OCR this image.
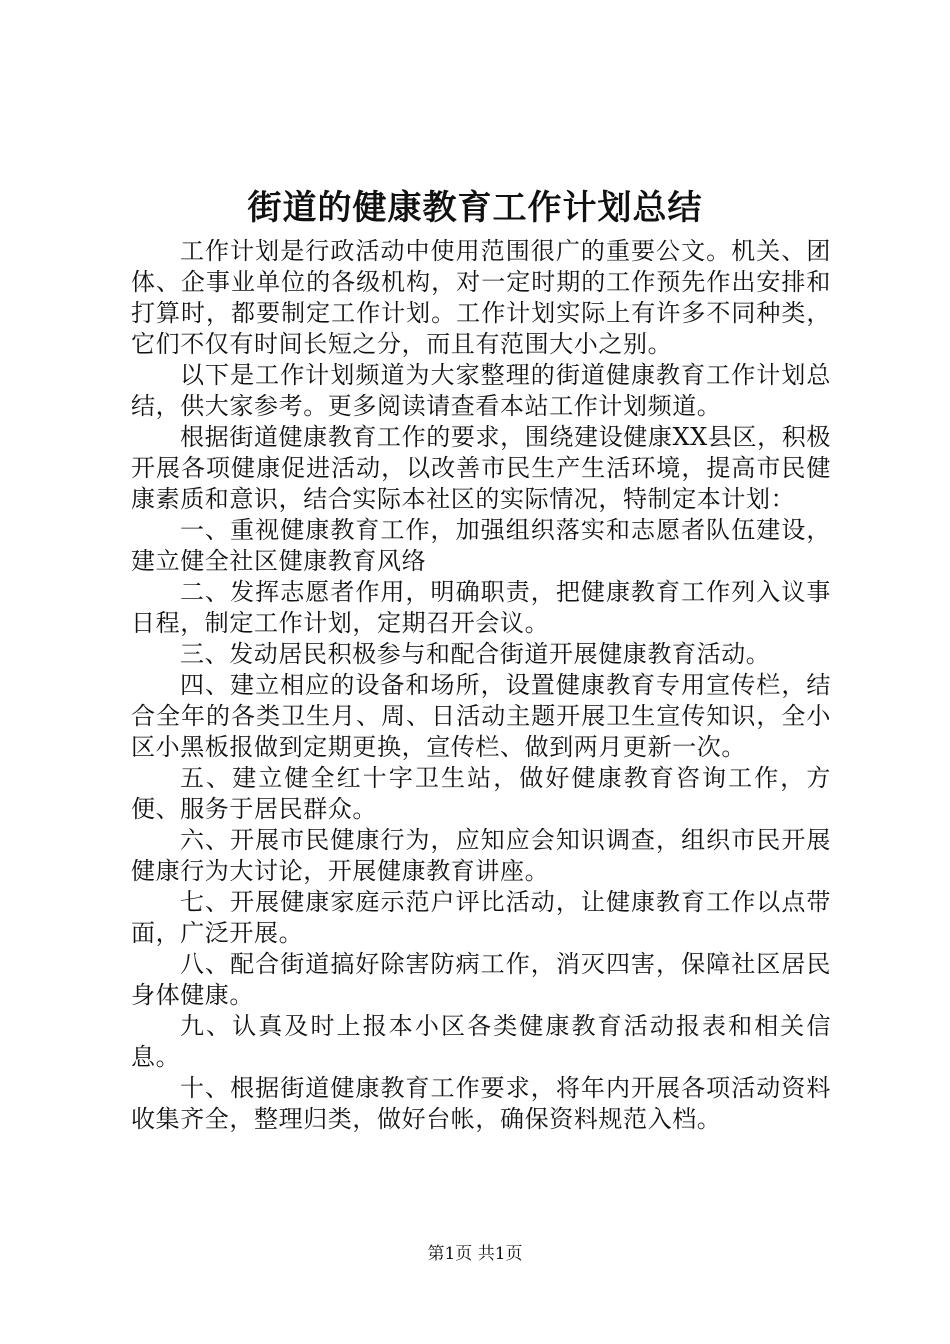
街道的健康教育工作计划总结

工作计划是行政活动中使用范围很广的重要公文。机关、团体、企事业单位的各级机构，对一定时期的工作预先作出安排和打算时，都要制定工作计划。工作计划实际上有许多不同种类，它们不仅有时间长短之分，而且有范围大小之别。

以下是工作计划频道为大家整理的街道健康教育工作计划总结，供大家参考。更多阅读请查看本站工作计划频道。

根据街道健康教育工作的要求，围绕建设健康XX县区，积极开展各项健康促进活动，以改善市民生产生活环境，提高市民健康素质和意识，结合实际本社区的实际情况，特制定本计划：

一、重视健康教育工作，加强组织落实和志愿者队伍建设，建立健全社区健康教育风络

二、发挥志愿者作用，明确职责，把健康教育工作列入议事日程，制定工作计划，定期召开会议。

三、发动居民积极参与和配合街道开展健康教育活动。

四、建立相应的设备和场所，设置健康教育专用宣传栏，结合全年的各类卫生月、周、日活动主题开展卫生宣传知识，全小区小黑板报做到定期更换，宣传栏、做到两月更新一次。

五、建立健全红十字卫生站，做好健康教育咨询工作，方便、服务于居民群众。

六、开展市民健康行为，应知应会知识调查，组织市民开展健康行为大讨论，开展健康教育讲座。

七、开展健康家庭示范户评比活动，让健康教育工作以点带面，广泛开展。

八、配合街道搞好除害防病工作，消灭四害，保障社区居民身体健康。

九、认真及时上报本小区各类健康教育活动报表和相关信息。

十、根据街道健康教育工作要求，将年内开展各项活动资料收集齐全，整理归类，做好台帐，确保资料规范入档。

第1页 共1页
